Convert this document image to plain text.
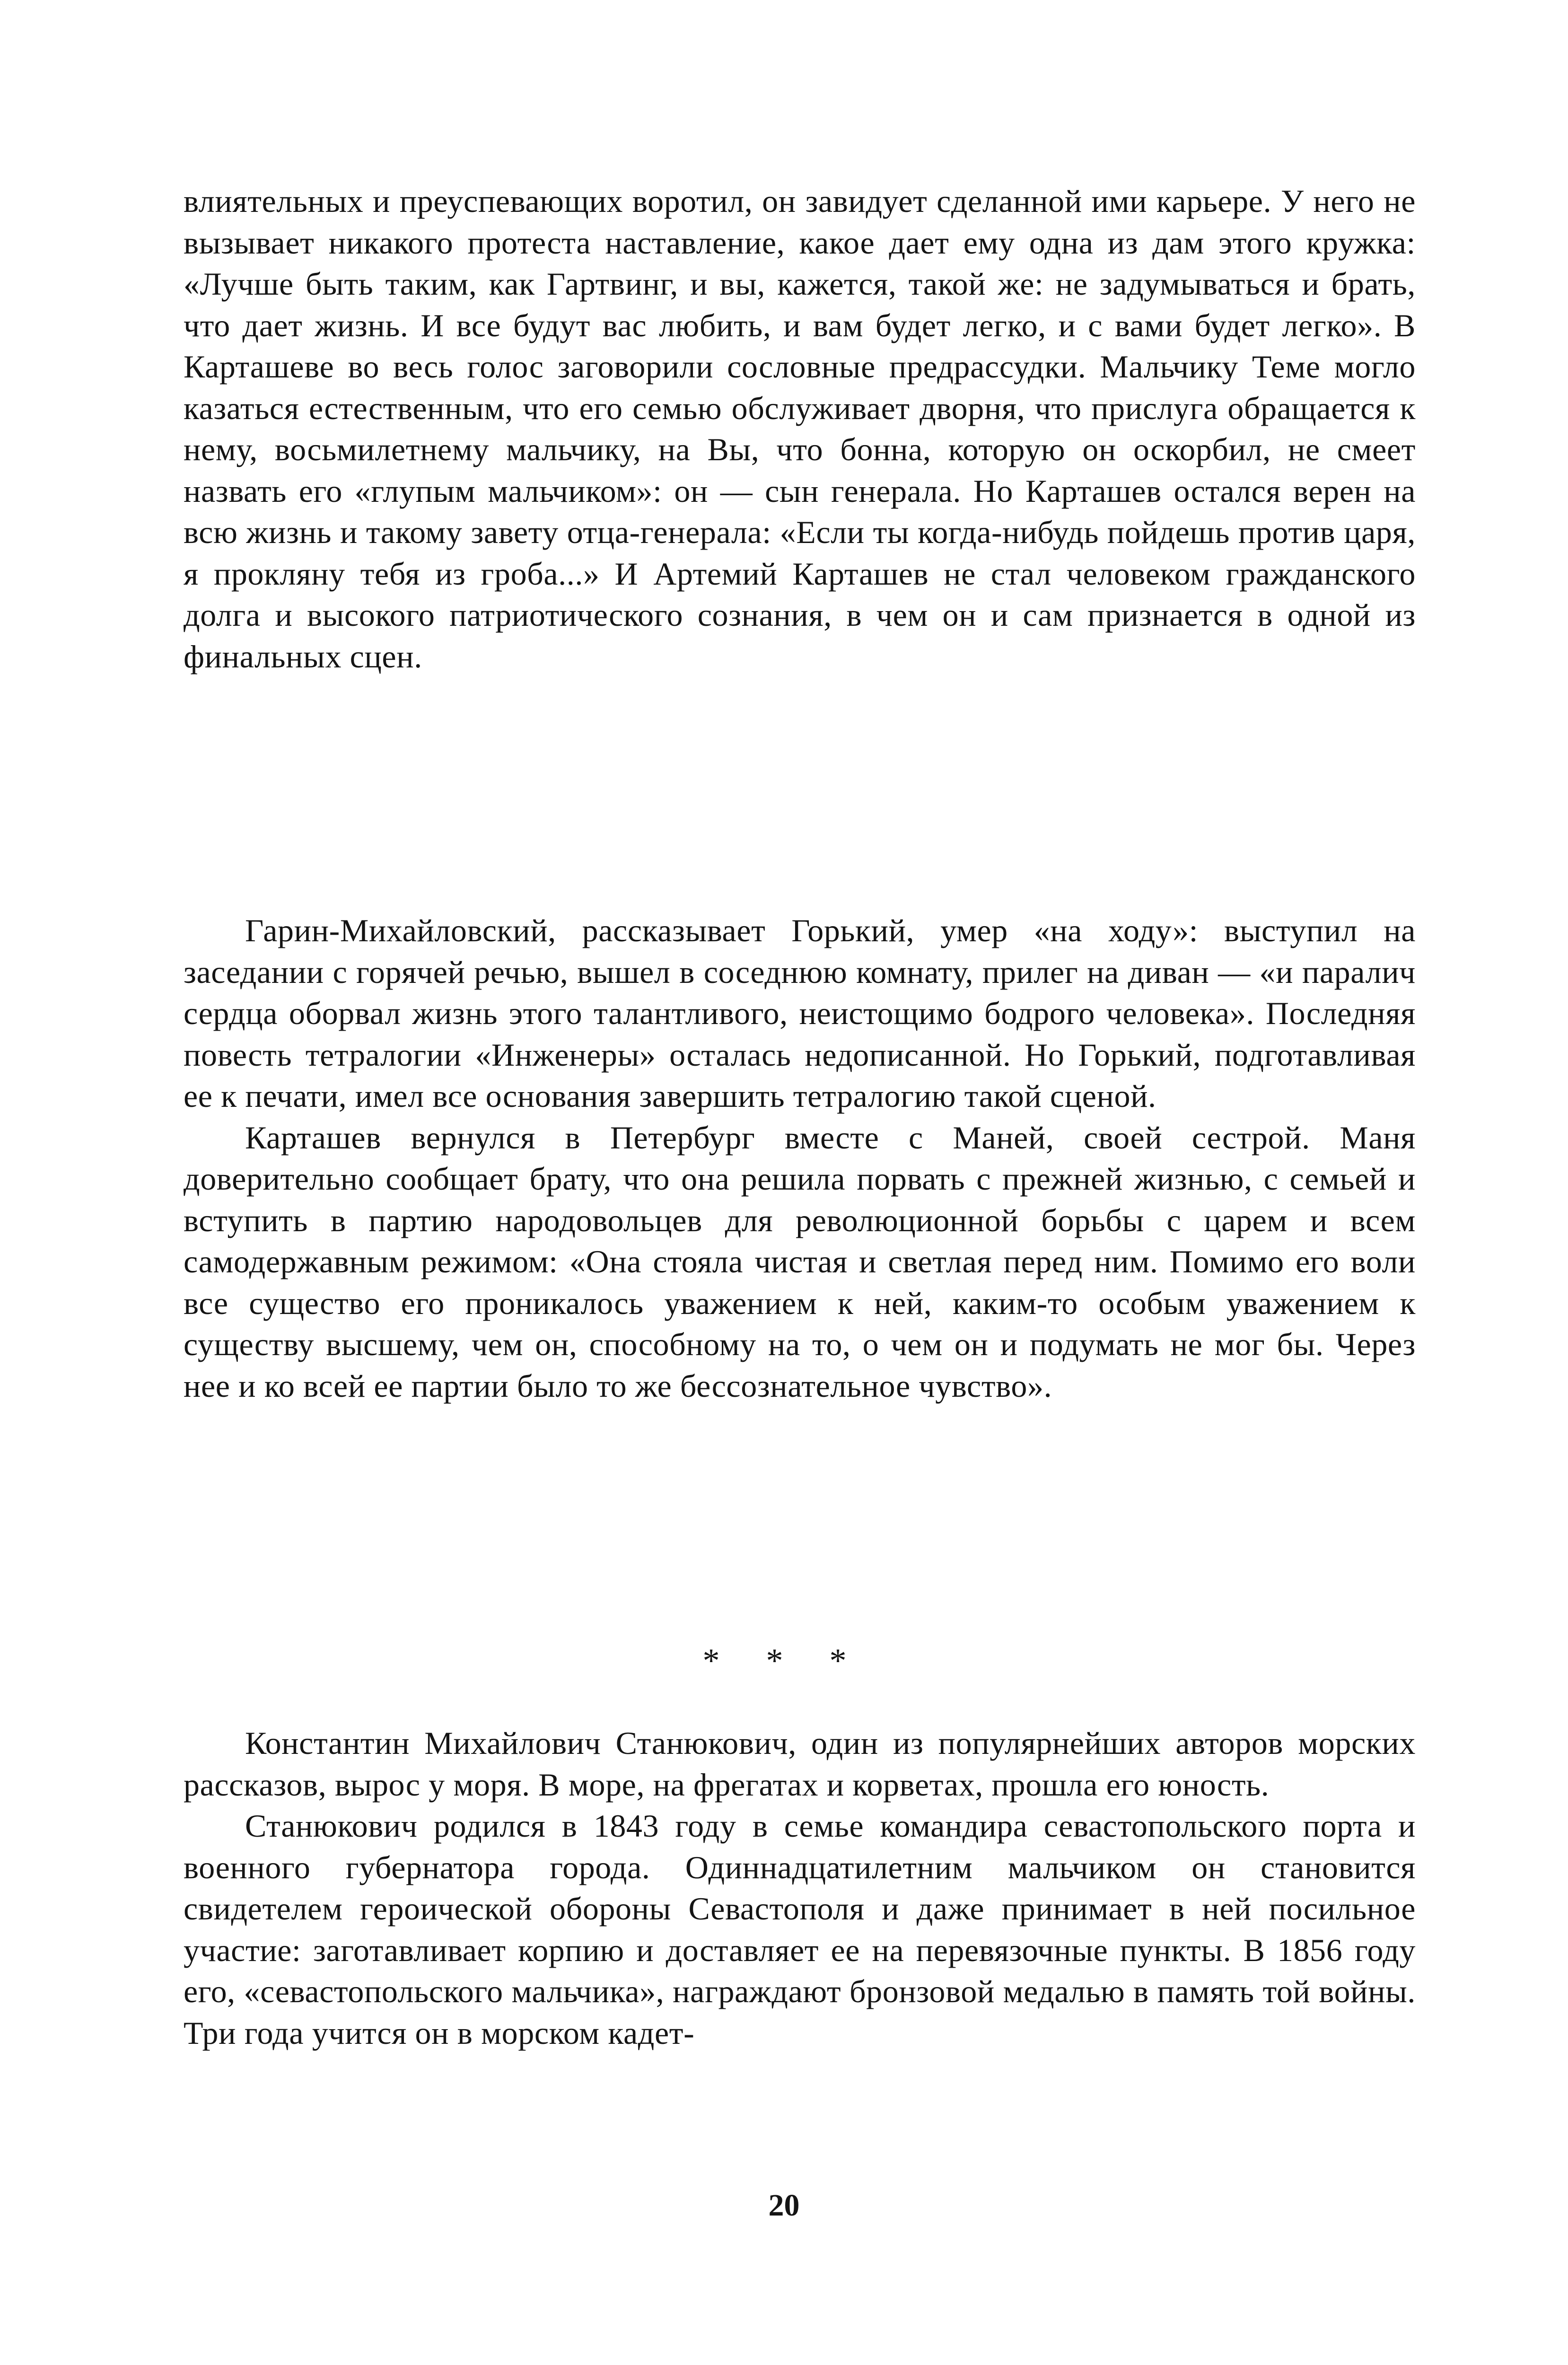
влиятельных и преуспевающих воротил, он завидует сделанной ими карьере. У него не вызывает никакого протеста наставление, какое дает ему одна из дам этого кружка: «Лучше быть таким, как Гартвинг, и вы, кажется, такой же: не задумываться и брать, что дает жизнь. И все будут вас любить, и вам будет легко, и с вами будет легко». В Карташеве во весь голос заговорили сословные предрассудки. Мальчику Теме могло казаться естественным, что его семью обслуживает дворня, что прислуга обращается к нему, восьмилетнему мальчику, на Вы, что бонна, которую он оскорбил, не смеет назвать его «глупым мальчиком»: он — сын генерала. Но Карташев остался верен на всю жизнь и такому завету отца-генерала: «Если ты когда-нибудь пойдешь против царя, я прокляну тебя из гроба...» И Артемий Карташев не стал человеком гражданского долга и высокого патриотического сознания, в чем он и сам признается в одной из финальных сцен.

Гарин-Михайловский, рассказывает Горький, умер «на ходу»: выступил на заседании с горячей речью, вышел в соседнюю комнату, прилег на диван — «и паралич сердца оборвал жизнь этого талантливого, неистощимо бодрого человека». Последняя повесть тетралогии «Инженеры» осталась недописанной. Но Горький, подготавливая ее к печати, имел все основания завершить тетралогию такой сценой.

Карташев вернулся в Петербург вместе с Маней, своей сестрой. Маня доверительно сообщает брату, что она решила порвать с прежней жизнью, с семьей и вступить в партию народовольцев для революционной борьбы с царем и всем самодержавным режимом: «Она стояла чистая и светлая перед ним. Помимо его воли все существо его проникалось уважением к ней, каким-то особым уважением к существу высшему, чем он, способному на то, о чем он и подумать не мог бы. Через нее и ко всей ее партии было то же бессознательное чувство».

* * *

Константин Михайлович Станюкович, один из популярнейших авторов морских рассказов, вырос у моря. В море, на фрегатах и корветах, прошла его юность.

Станюкович родился в 1843 году в семье командира севастопольского порта и военного губернатора города. Одиннадцатилетним мальчиком он становится свидетелем героической обороны Севастополя и даже принимает в ней посильное участие: заготавливает корпию и доставляет ее на перевязочные пункты. В 1856 году его, «севастопольского мальчика», награждают бронзовой медалью в память той войны. Три года учится он в морском кадет-

20
